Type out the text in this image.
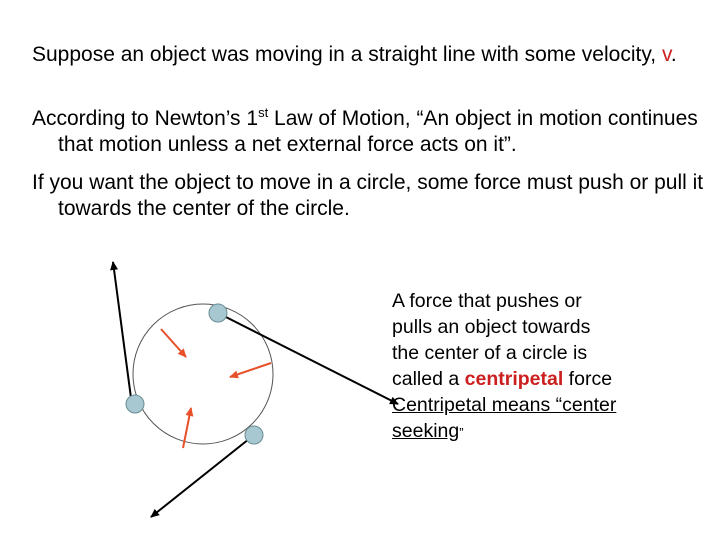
Suppose an object was moving in a straight line with some velocity, v.
According to Newton’s 1st Law of Motion, “An object in motion continues that motion unless a net external force acts on it”.
If you want the object to move in a circle, some force must push or pull it towards the center of the circle.
A force that pushes or
pulls an object towards
the center of a circle is
called a centripetal force
Centripetal means “center
seeking”
